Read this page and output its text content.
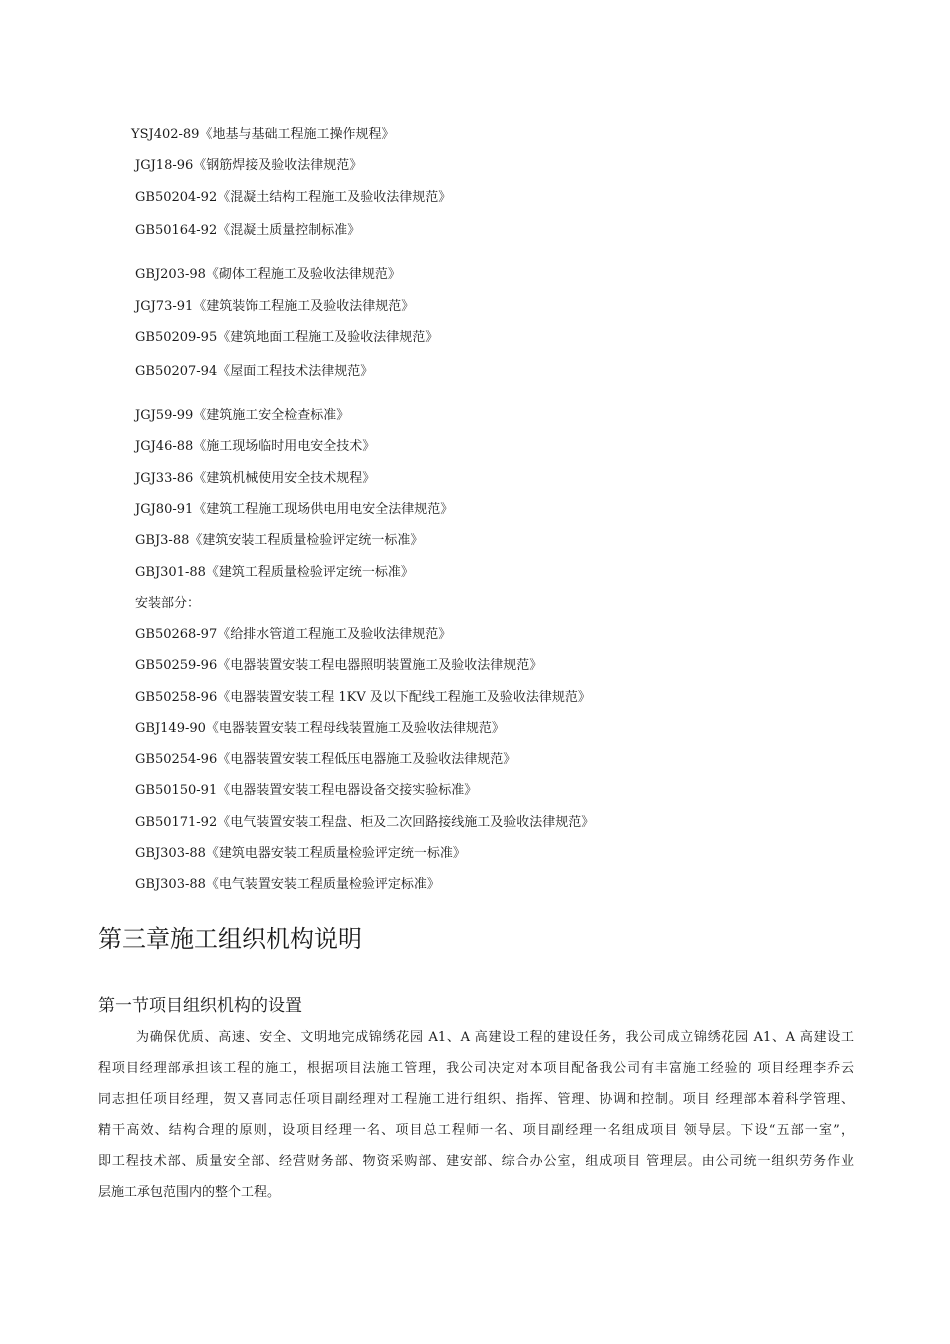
YSJ402-89《地基与基础工程施工操作规程》
JGJ18-96《钢筋焊接及验收法律规范》
GB50204-92《混凝土结构工程施工及验收法律规范》
GB50164-92《混凝土质量控制标准》
GBJ203-98《砌体工程施工及验收法律规范》
JGJ73-91《建筑装饰工程施工及验收法律规范》
GB50209-95《建筑地面工程施工及验收法律规范》
GB50207-94《屋面工程技术法律规范》
JGJ59-99《建筑施工安全检查标准》
JGJ46-88《施工现场临时用电安全技术》
JGJ33-86《建筑机械使用安全技术规程》
JGJ80-91《建筑工程施工现场供电用电安全法律规范》
GBJ3-88《建筑安装工程质量检验评定统一标准》
GBJ301-88《建筑工程质量检验评定统一标准》
安装部分：
GB50268-97《给排水管道工程施工及验收法律规范》
GB50259-96《电器装置安装工程电器照明装置施工及验收法律规范》
GB50258-96《电器装置安装工程 1KV 及以下配线工程施工及验收法律规范》
GBJ149-90《电器装置安装工程母线装置施工及验收法律规范》
GB50254-96《电器装置安装工程低压电器施工及验收法律规范》
GB50150-91《电器装置安装工程电器设备交接实验标准》
GB50171-92《电气装置安装工程盘、柜及二次回路接线施工及验收法律规范》
GBJ303-88《建筑电器安装工程质量检验评定统一标准》
GBJ303-88《电气装置安装工程质量检验评定标准》
第三章施工组织机构说明
第一节项目组织机构的设置
为确保优质、高速、安全、文明地完成锦绣花园 A1、A 高建设工程的建设任务，我公司成立锦绣花园 A1、A 高建设工
程项目经理部承担该工程的施工，根据项目法施工管理，我公司决定对本项目配备我公司有丰富施工经验的 项目经理李乔云
同志担任项目经理，贺又喜同志任项目副经理对工程施工进行组织、指挥、管理、协调和控制。项目 经理部本着科学管理、
精干高效、结构合理的原则，设项目经理一名、项目总工程师一名、项目副经理一名组成项目 领导层。下设“五部一室”，
即工程技术部、质量安全部、经营财务部、物资采购部、建安部、综合办公室，组成项目 管理层。由公司统一组织劳务作业
层施工承包范围内的整个工程。
